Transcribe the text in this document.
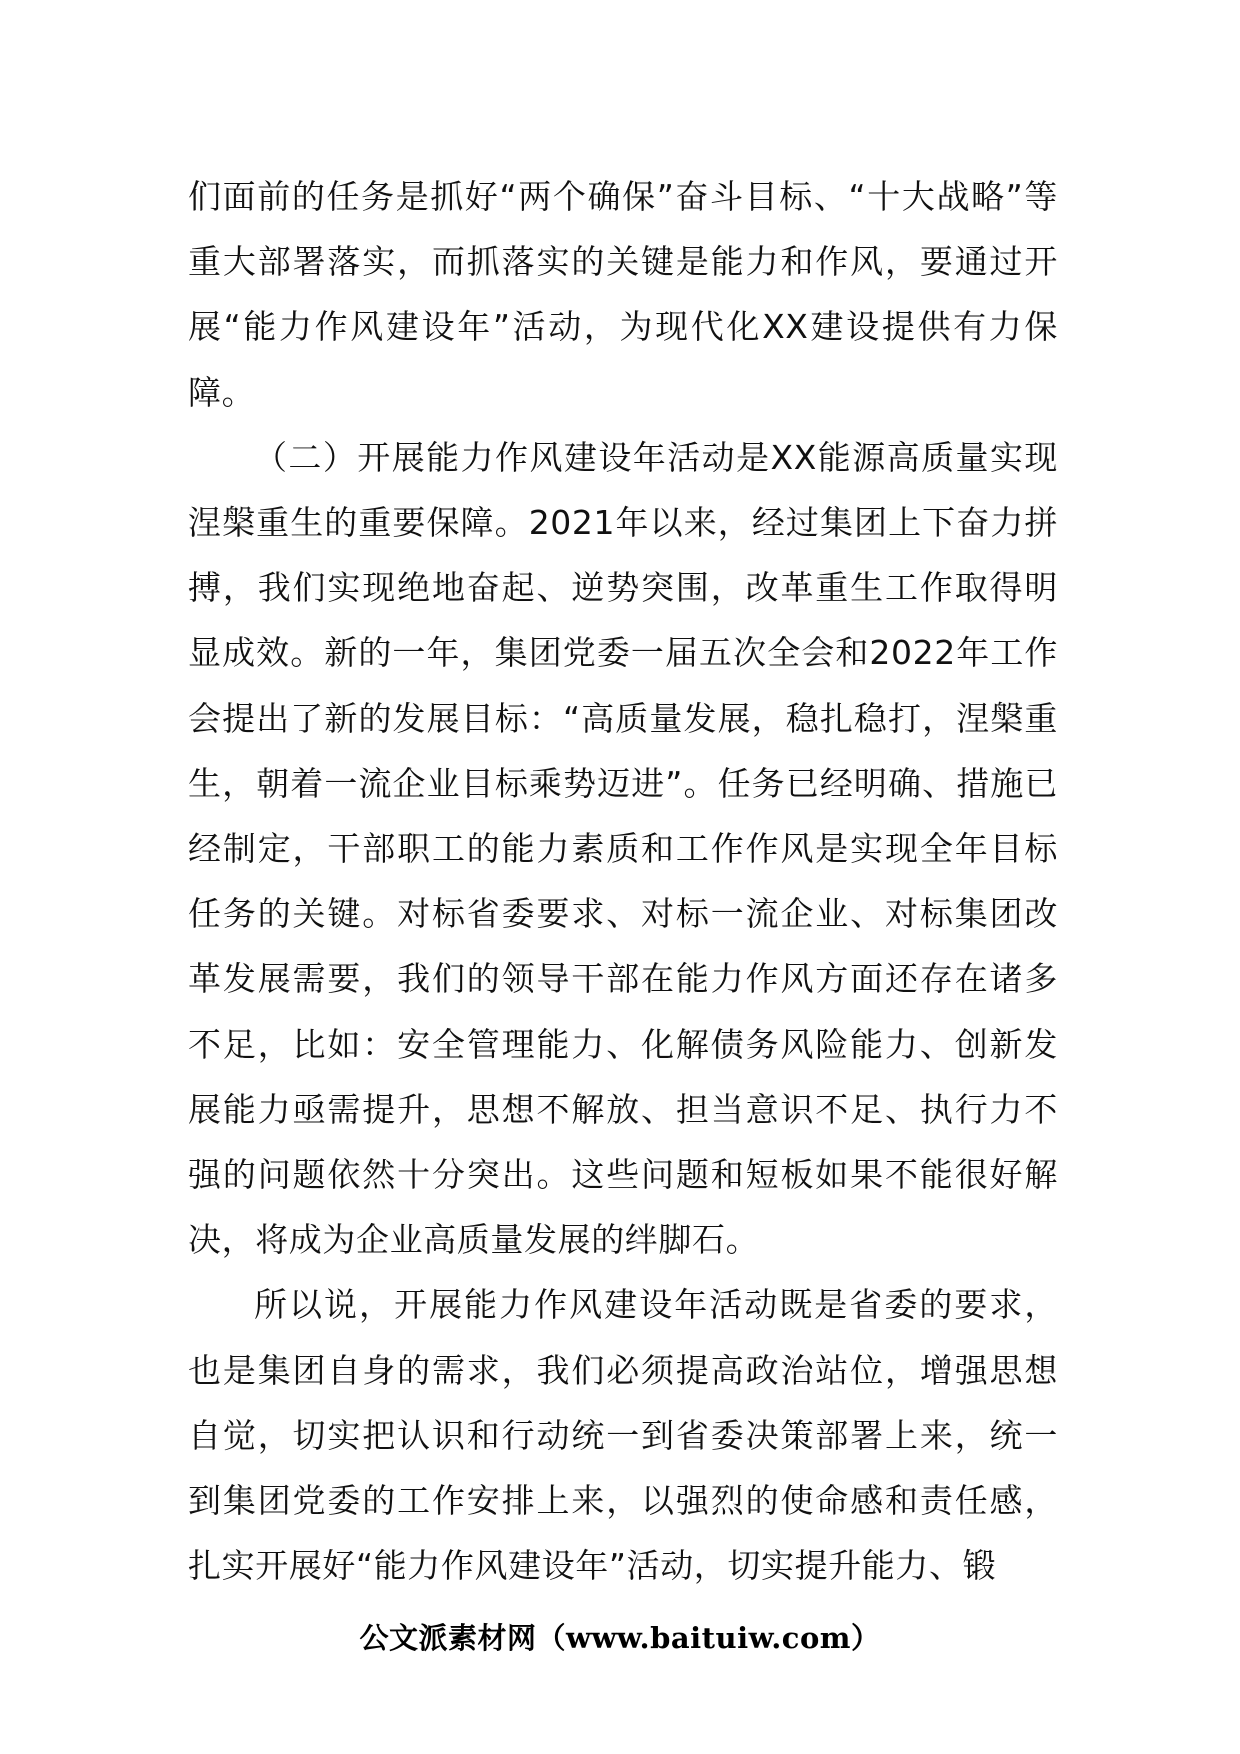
们面前的任务是抓好“两个确保”奋斗目标、“十大战略”等重大部署落实，而抓落实的关键是能力和作风，要通过开展“能力作风建设年”活动，为现代化XX建设提供有力保障。

（二）开展能力作风建设年活动是XX能源高质量实现涅槃重生的重要保障。2021年以来，经过集团上下奋力拼搏，我们实现绝地奋起、逆势突围，改革重生工作取得明显成效。新的一年，集团党委一届五次全会和2022年工作会提出了新的发展目标：“高质量发展，稳扎稳打，涅槃重生，朝着一流企业目标乘势迈进”。任务已经明确、措施已经制定，干部职工的能力素质和工作作风是实现全年目标任务的关键。对标省委要求、对标一流企业、对标集团改革发展需要，我们的领导干部在能力作风方面还存在诸多不足，比如：安全管理能力、化解债务风险能力、创新发展能力亟需提升，思想不解放、担当意识不足、执行力不强的问题依然十分突出。这些问题和短板如果不能很好解决，将成为企业高质量发展的绊脚石。

所以说，开展能力作风建设年活动既是省委的要求，也是集团自身的需求，我们必须提高政治站位，增强思想自觉，切实把认识和行动统一到省委决策部署上来，统一到集团党委的工作安排上来，以强烈的使命感和责任感，扎实开展好“能力作风建设年”活动，切实提升能力、锻

公文派素材网（www.baituiw.com）
